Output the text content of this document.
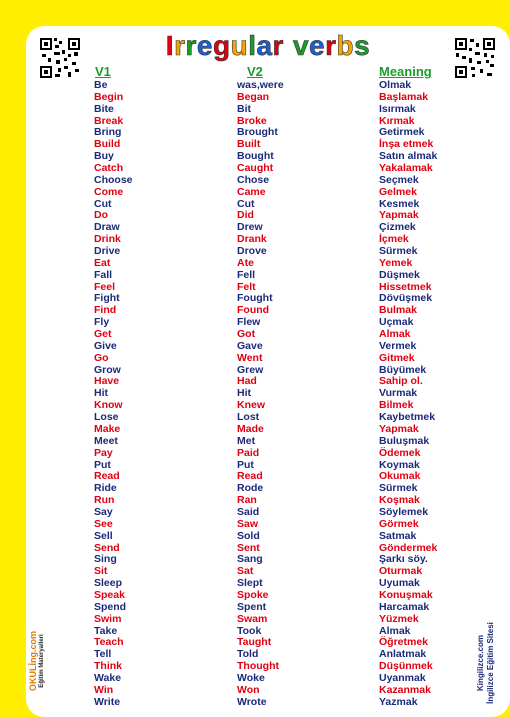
Irregular verbs
V1	V2	Meaning
Be	was,were	Olmak
Begin	Began	Başlamak
Bite	Bit	Isırmak
Break	Broke	Kırmak
Bring	Brought	Getirmek
Build	Built	İnşa etmek
Buy	Bought	Satın almak
Catch	Caught	Yakalamak
Choose	Chose	Seçmek
Come	Came	Gelmek
Cut	Cut	Kesmek
Do	Did	Yapmak
Draw	Drew	Çizmek
Drink	Drank	İçmek
Drive	Drove	Sürmek
Eat	Ate	Yemek
Fall	Fell	Düşmek
Feel	Felt	Hissetmek
Fight	Fought	Dövüşmek
Find	Found	Bulmak
Fly	Flew	Uçmak
Get	Got	Almak
Give	Gave	Vermek
Go	Went	Gitmek
Grow	Grew	Büyümek
Have	Had	Sahip ol.
Hit	Hit	Vurmak
Know	Knew	Bilmek
Lose	Lost	Kaybetmek
Make	Made	Yapmak
Meet	Met	Buluşmak
Pay	Paid	Ödemek
Put	Put	Koymak
Read	Read	Okumak
Ride	Rode	Sürmek
Run	Ran	Koşmak
Say	Said	Söylemek
See	Saw	Görmek
Sell	Sold	Satmak
Send	Sent	Göndermek
Sing	Sang	Şarkı söy.
Sit	Sat	Oturmak
Sleep	Slept	Uyumak
Speak	Spoke	Konuşmak
Spend	Spent	Harcamak
Swim	Swam	Yüzmek
Take	Took	Almak
Teach	Taught	Öğretmek
Tell	Told	Anlatmak
Think	Thought	Düşünmek
Wake	Woke	Uyanmak
Win	Won	Kazanmak
Write	Wrote	Yazmak
OKULİng.com Eğitim Materyalleri	Kingilizce.com İngilizce Eğitim Sitesi
